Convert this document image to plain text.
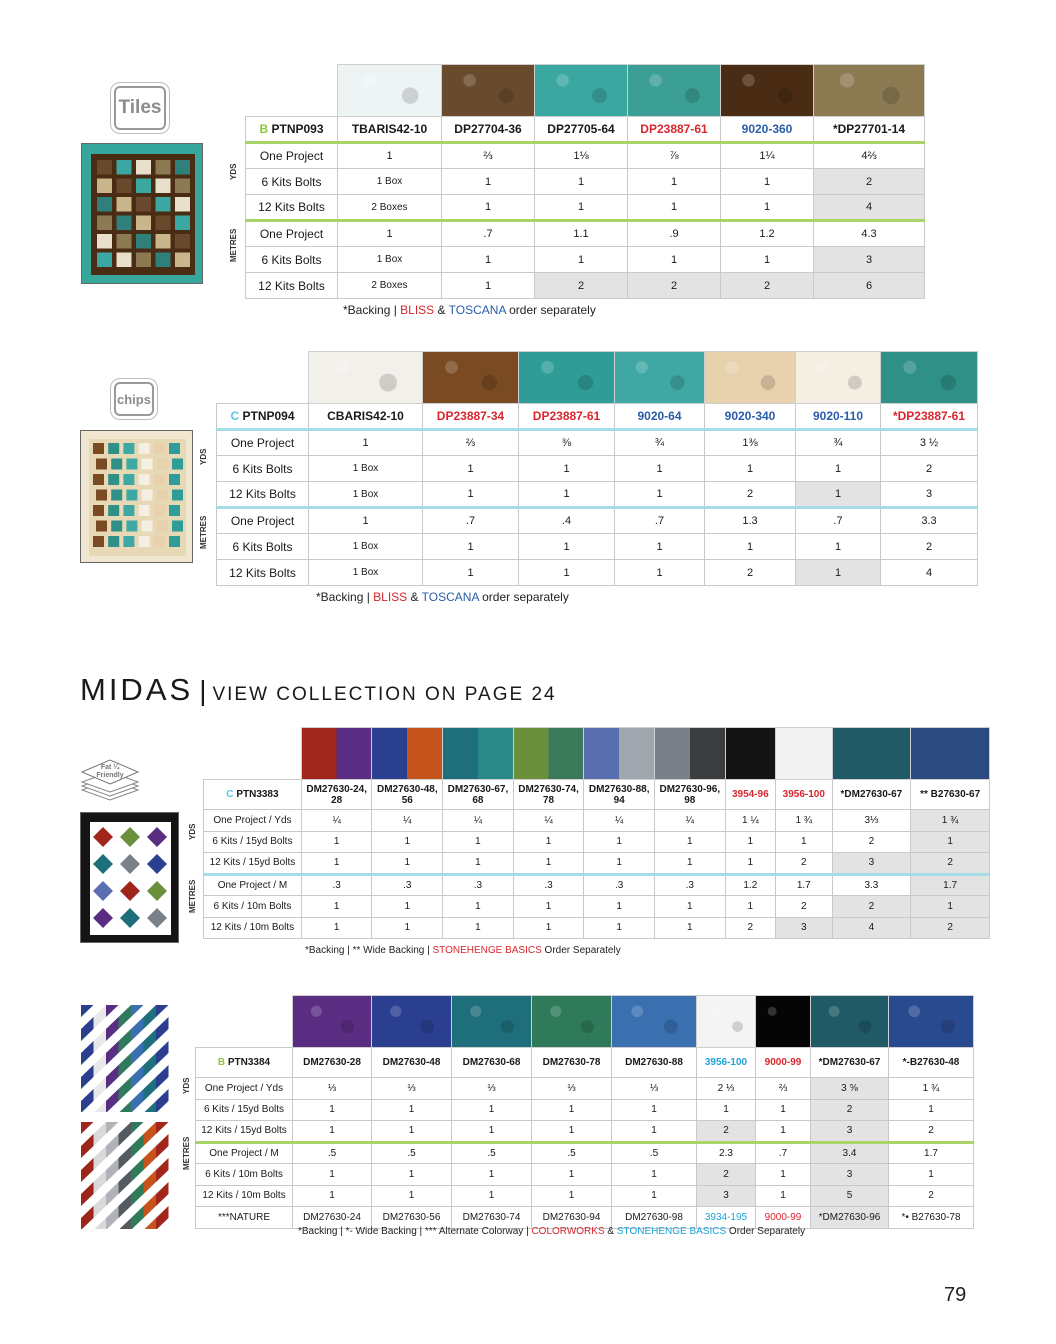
Tiles
YDS
METRES

B PTNP093	TBARIS42-10	DP27704-36	DP27705-64	DP23887-61	9020-360	*DP27701-14
One Project	1	⅔	1⅛	⅞	1¼	4⅔
6 Kits Bolts	1 Box	1	1	1	1	2
12 Kits Bolts	2 Boxes	1	1	1	1	4
One Project	1	.7	1.1	.9	1.2	4.3
6 Kits Bolts	1 Box	1	1	1	1	3
12 Kits Bolts	2 Boxes	1	2	2	2	6
*Backing | BLISS & TOSCANA order separately
chips
YDS
METRES

C PTNP094	CBARIS42-10	DP23887-34	DP23887-61	9020-64	9020-340	9020-110	*DP23887-61
One Project	1	⅔	⅜	¾	1⅜	¾	3 ½
6 Kits Bolts	1 Box	1	1	1	1	1	2
12 Kits Bolts	1 Box	1	1	1	2	1	3
One Project	1	.7	.4	.7	1.3	.7	3.3
6 Kits Bolts	1 Box	1	1	1	1	1	2
12 Kits Bolts	1 Box	1	1	1	2	1	4
*Backing | BLISS & TOSCANA order separately
MIDAS | VIEW COLLECTION ON PAGE 24
Fat ¼
Friendly
YDS
METRES

C PTN3383	DM27630-24, 28	DM27630-48, 56	DM27630-67, 68	DM27630-74, 78	DM27630-88, 94	DM27630-96, 98	3954-96	3956-100	*DM27630-67	*‍* B27630-67
One Project / Yds	¼	¼	¼	¼	¼	¼	1 ¼	1 ¾	3⅓	1 ¾
6 Kits / 15yd Bolts	1	1	1	1	1	1	1	1	2	1
12 Kits / 15yd Bolts	1	1	1	1	1	1	1	2	3	2
One Project / M	.3	.3	.3	.3	.3	.3	1.2	1.7	3.3	1.7
6 Kits / 10m Bolts	1	1	1	1	1	1	1	2	2	1
12 Kits / 10m Bolts	1	1	1	1	1	1	2	3	4	2
*Backing | *‍* Wide Backing | STONEHENGE BASICS Order Separately
YDS
METRES

B PTN3384	DM27630-28	DM27630-48	DM27630-68	DM27630-78	DM27630-88	3956-100	9000-99	*DM27630-67	*‍-B27630-48
One Project / Yds	⅓	⅓	⅓	⅓	⅓	2 ⅓	⅔	3 ⅝	1 ¾
6 Kits / 15yd Bolts	1	1	1	1	1	1	1	2	1
12 Kits / 15yd Bolts	1	1	1	1	1	2	1	3	2
One Project / M	.5	.5	.5	.5	.5	2.3	.7	3.4	1.7
6 Kits / 10m Bolts	1	1	1	1	1	2	1	3	1
12 Kits / 10m Bolts	1	1	1	1	1	3	1	5	2
***NATURE	DM27630-24	DM27630-56	DM27630-74	DM27630-94	DM27630-98	3934-195	9000-99	*DM27630-96	*‍• B27630-78
*Backing | *‍- Wide Backing | *** Alternate Colorway | COLORWORKS & STONEHENGE BASICS Order Separately
79
